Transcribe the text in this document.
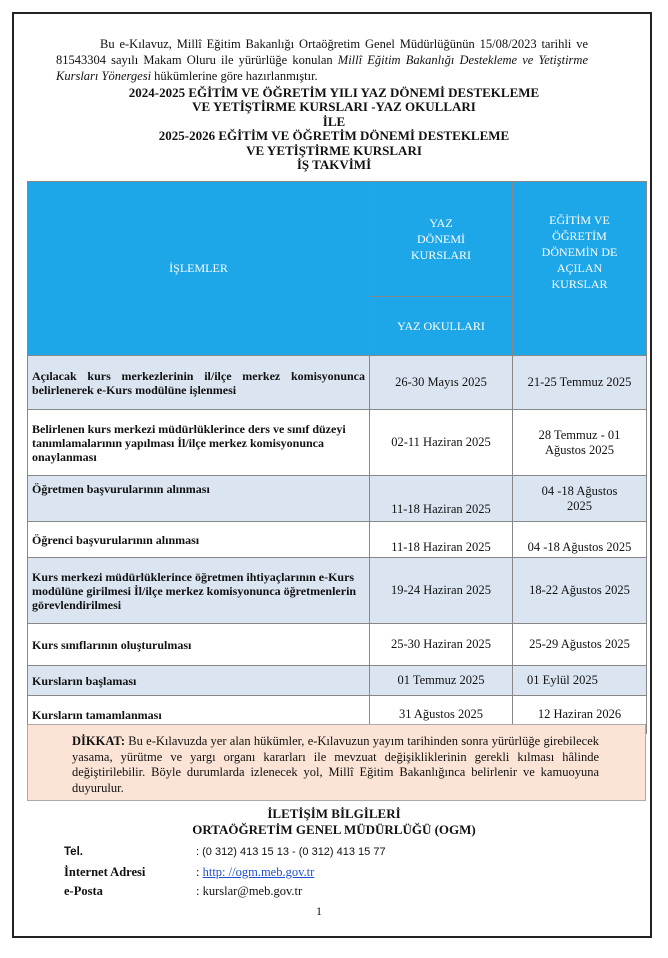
Bu e-Kılavuz, Millî Eğitim Bakanlığı Ortaöğretim Genel Müdürlüğünün 15/08/2023 tarihli ve 81543304 sayılı Makam Oluru ile yürürlüğe konulan Millî Eğitim Bakanlığı Destekleme ve Yetiştirme Kursları Yönergesi hükümlerine göre hazırlanmıştır.
2024-2025 EĞİTİM VE ÖĞRETİM YILI YAZ DÖNEMİ DESTEKLEME
VE YETİŞTİRME KURSLARI -YAZ OKULLARI
İLE
2025-2026 EĞİTİM VE ÖĞRETİM DÖNEMİ DESTEKLEME
VE YETİŞTİRME KURSLARI
İŞ TAKVİMİ
İŞLEMLER	YAZ DÖNEMİ KURSLARI	EĞİTİM VE ÖĞRETİM DÖNEMİN DE AÇILAN KURSLAR

	YAZ OKULLARI	
Açılacak kurs merkezlerinin il/ilçe merkez komisyonunca belirlenerek e-Kurs modülüne işlenmesi	26-30 Mayıs 2025	21-25 Temmuz 2025
Belirlenen kurs merkezi müdürlüklerince ders ve sınıf düzeyi tanımlamalarının yapılması İl/ilçe merkez komisyonunca onaylanması	02-11 Haziran 2025	28 Temmuz - 01 Ağustos 2025

Öğretmen başvurularının alınması	11-18 Haziran 2025	04 -18 Ağustos 2025

Öğrenci başvurularının alınması	11-18 Haziran 2025	04 -18 Ağustos 2025
Kurs merkezi müdürlüklerince öğretmen ihtiyaçlarının e-Kurs modülüne girilmesi İl/ilçe merkez komisyonunca öğretmenlerin görevlendirilmesi	19-24 Haziran 2025	18-22 Ağustos 2025
Kurs sınıflarının oluşturulması	25-30 Haziran 2025	25-29 Ağustos 2025
Kursların başlaması	01 Temmuz 2025	01 Eylül 2025
Kursların tamamlanması	31 Ağustos 2025	12 Haziran 2026
DİKKAT: Bu e-Kılavuzda yer alan hükümler, e-Kılavuzun yayım tarihinden sonra yürürlüğe girebilecek yasama, yürütme ve yargı organı kararları ile mevzuat değişikliklerinin gerekli kılması hâlinde değiştirilebilir. Böyle durumlarda izlenecek yol, Millî Eğitim Bakanlığınca belirlenir ve kamuoyuna duyurulur.
İLETİŞİM BİLGİLERİ
ORTAÖĞRETİM GENEL MÜDÜRLÜĞÜ (OGM)
Tel.	: (0 312) 413 15 13 - (0 312) 413 15 77
İnternet Adresi	: http: //ogm.meb.gov.tr
e-Posta	: kurslar@meb.gov.tr
1
